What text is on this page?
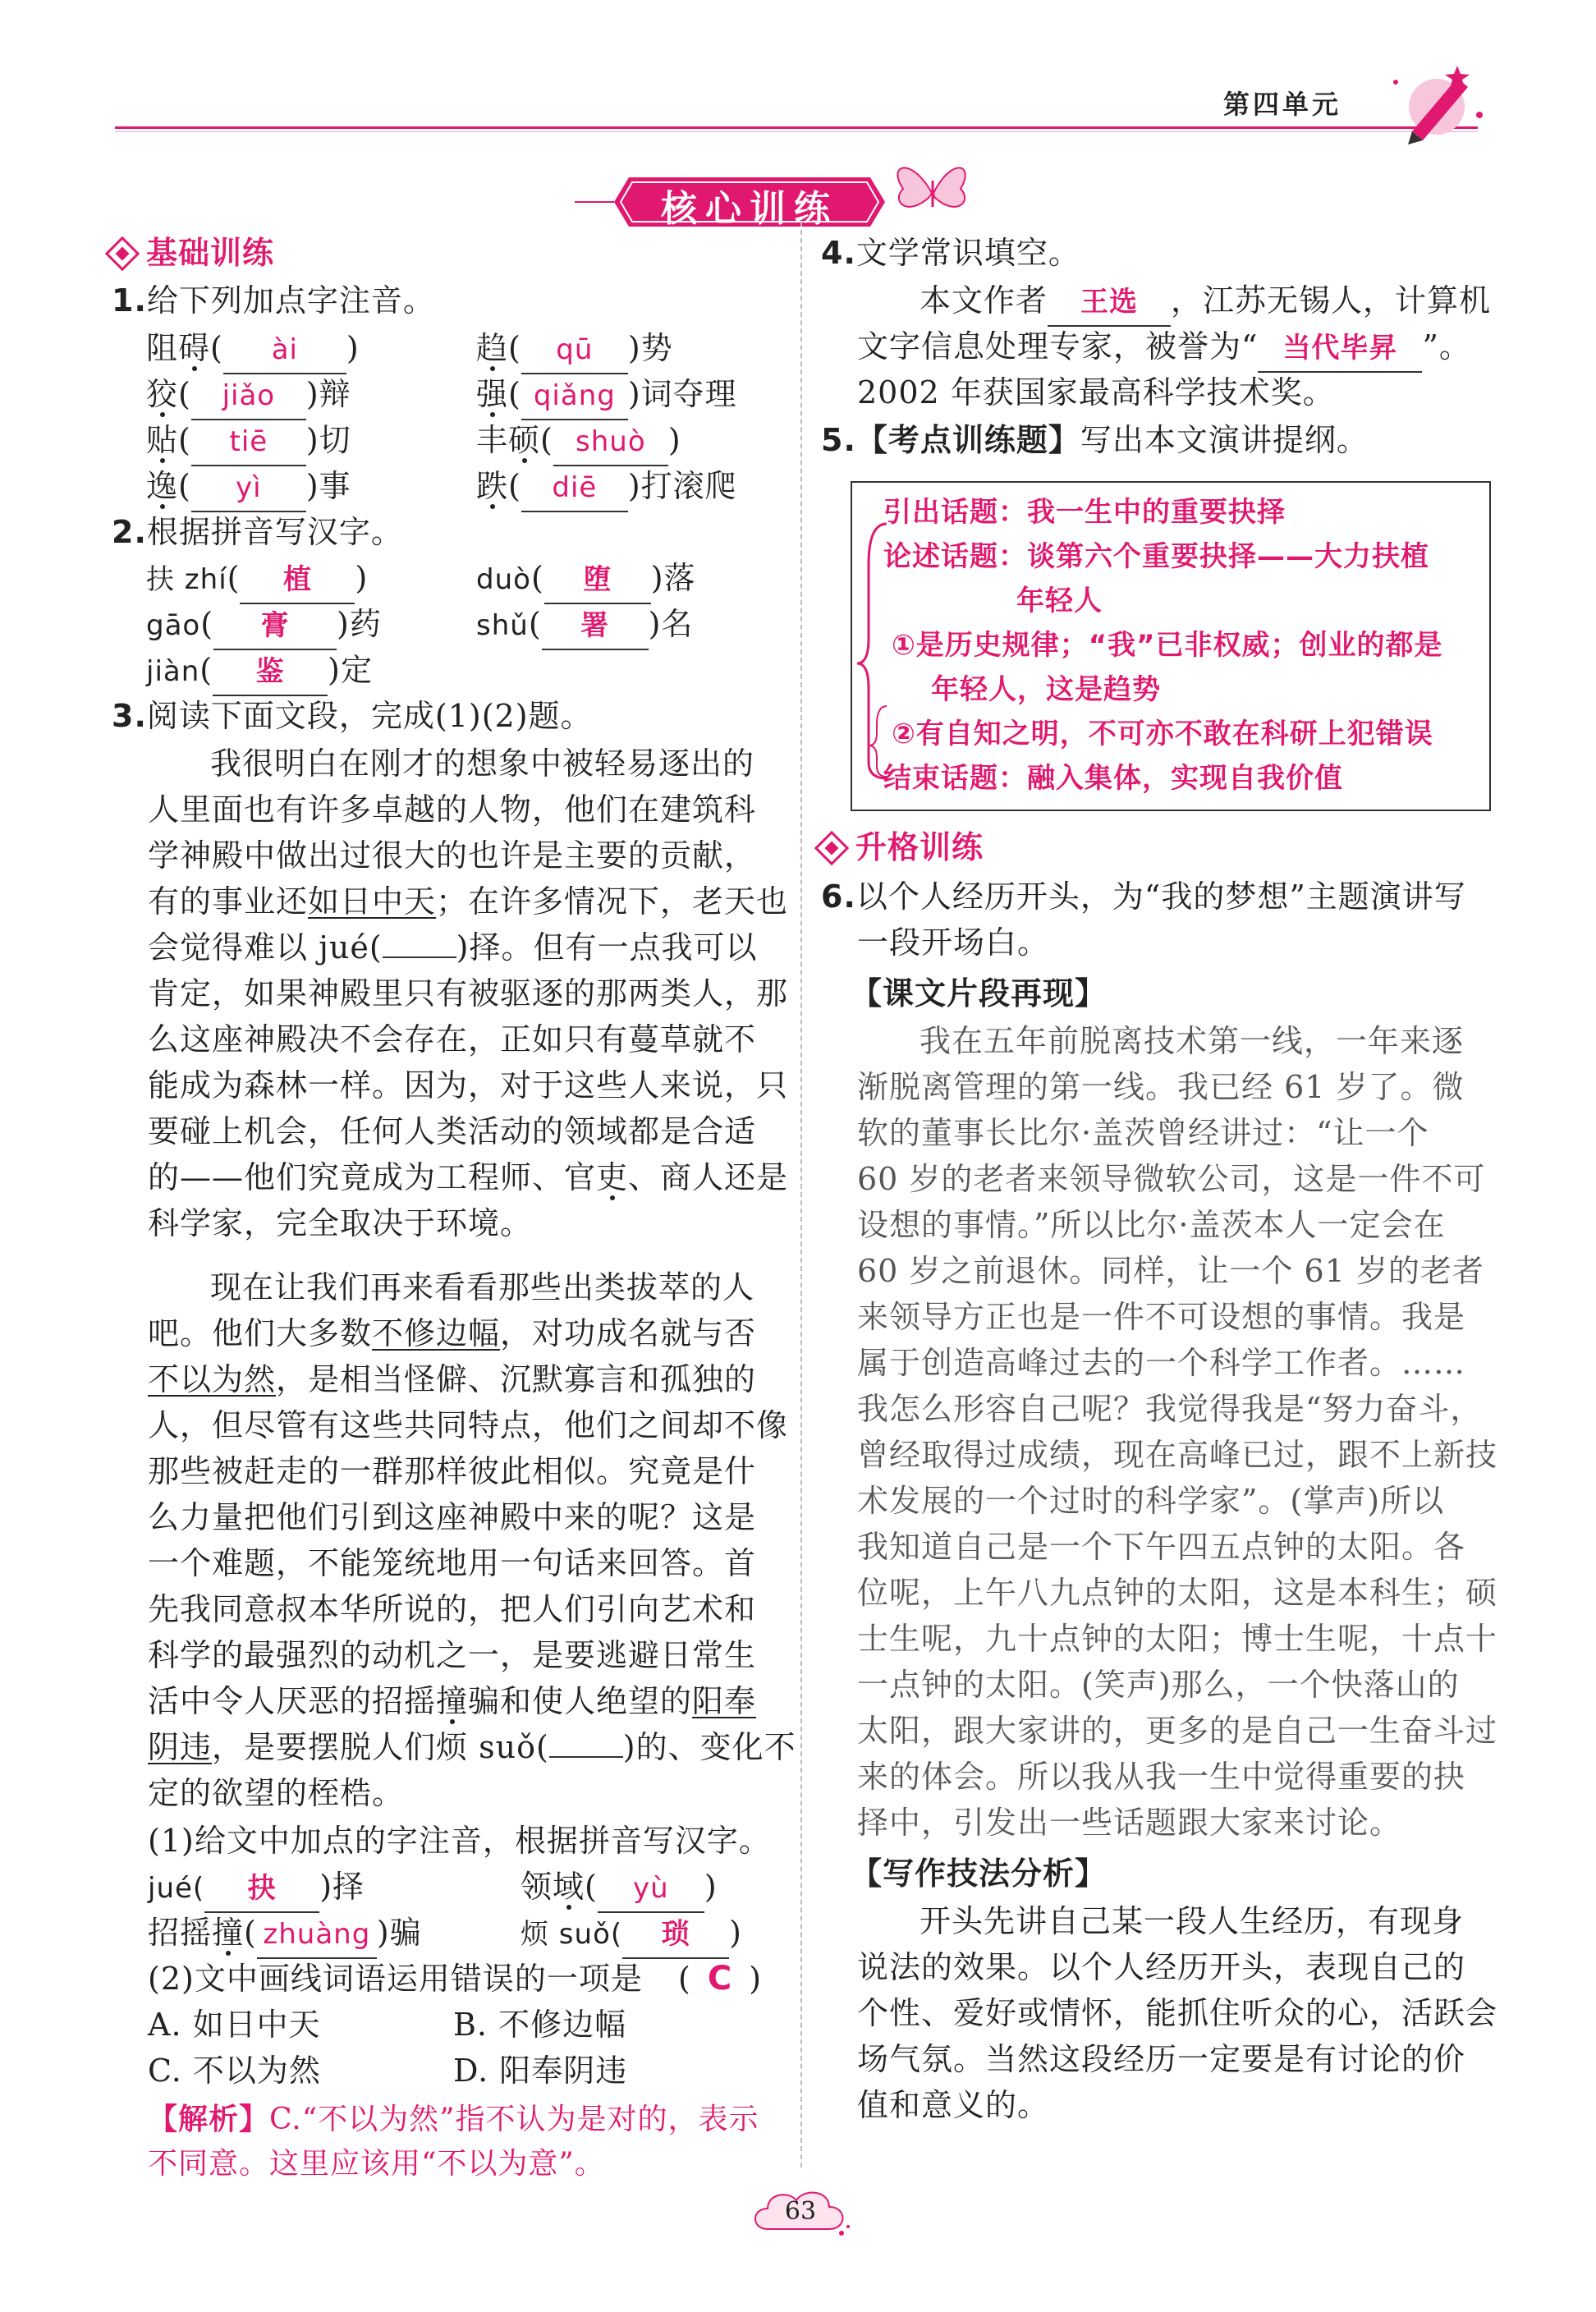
第四单元
核心训练
基础训练
1.给下列加点字注音。
阻碍( ài )	趋( qū )势
狡( jiǎo )辩	强( qiǎng )词夺理
贴( tiē )切	丰硕( shuò )
逸( yì )事	跌( diē )打滚爬
2.根据拼音写汉字。
扶 zhí( 植 )	duò( 堕 )落
gāo( 膏 )药	shǔ( 署 )名
jiàn( 鉴 )定
3.阅读下面文段，完成(1)(2)题。
我很明白在刚才的想象中被轻易逐出的
人里面也有许多卓越的人物，他们在建筑科
学神殿中做出过很大的也许是主要的贡献，
有的事业还如日中天；在许多情况下，老天也
会觉得难以 jué( )择。但有一点我可以
肯定，如果神殿里只有被驱逐的那两类人，那
么这座神殿决不会存在，正如只有蔓草就不
能成为森林一样。因为，对于这些人来说，只
要碰上机会，任何人类活动的领域都是合适
的——他们究竟成为工程师、官吏、商人还是
科学家，完全取决于环境。
现在让我们再来看看那些出类拔萃的人
吧。他们大多数不修边幅，对功成名就与否
不以为然，是相当怪僻、沉默寡言和孤独的
人，但尽管有这些共同特点，他们之间却不像
那些被赶走的一群那样彼此相似。究竟是什
么力量把他们引到这座神殿中来的呢？这是
一个难题，不能笼统地用一句话来回答。首
先我同意叔本华所说的，把人们引向艺术和
科学的最强烈的动机之一，是要逃避日常生
活中令人厌恶的招摇撞骗和使人绝望的阳奉
阴违，是要摆脱人们烦 suǒ( )的、变化不
定的欲望的桎梏。
(1)给文中加点的字注音，根据拼音写汉字。
jué( 抉 )择	领域( yù )
招摇撞( zhuàng )骗	烦 suǒ( 琐 )
(2)文中画线词语运用错误的一项是 ( C )
A. 如日中天	B. 不修边幅
C. 不以为然	D. 阳奉阴违
【解析】C.“不以为然”指不认为是对的，表示
不同意。这里应该用“不以为意”。
4.文学常识填空。
本文作者 王选 ，江苏无锡人，计算机
文字信息处理专家，被誉为“ 当代毕昇 ”。
2002 年获国家最高科学技术奖。
5.【考点训练题】写出本文演讲提纲。
引出话题：我一生中的重要抉择
论述话题：谈第六个重要抉择——大力扶植
年轻人
①是历史规律；“我”已非权威；创业的都是
年轻人，这是趋势
②有自知之明，不可亦不敢在科研上犯错误
结束话题：融入集体，实现自我价值
升格训练
6.以个人经历开头，为“我的梦想”主题演讲写
一段开场白。
【课文片段再现】
我在五年前脱离技术第一线，一年来逐
渐脱离管理的第一线。我已经 61 岁了。微
软的董事长比尔·盖茨曾经讲过：“让一个
60 岁的老者来领导微软公司，这是一件不可
设想的事情。”所以比尔·盖茨本人一定会在
60 岁之前退休。同样，让一个 61 岁的老者
来领导方正也是一件不可设想的事情。我是
属于创造高峰过去的一个科学工作者。……
我怎么形容自己呢？我觉得我是“努力奋斗，
曾经取得过成绩，现在高峰已过，跟不上新技
术发展的一个过时的科学家”。(掌声)所以
我知道自己是一个下午四五点钟的太阳。各
位呢，上午八九点钟的太阳，这是本科生；硕
士生呢，九十点钟的太阳；博士生呢，十点十
一点钟的太阳。(笑声)那么，一个快落山的
太阳，跟大家讲的，更多的是自己一生奋斗过
来的体会。所以我从我一生中觉得重要的抉
择中，引发出一些话题跟大家来讨论。
【写作技法分析】
开头先讲自己某一段人生经历，有现身
说法的效果。以个人经历开头，表现自己的
个性、爱好或情怀，能抓住听众的心，活跃会
场气氛。当然这段经历一定要是有讨论的价
值和意义的。
63
